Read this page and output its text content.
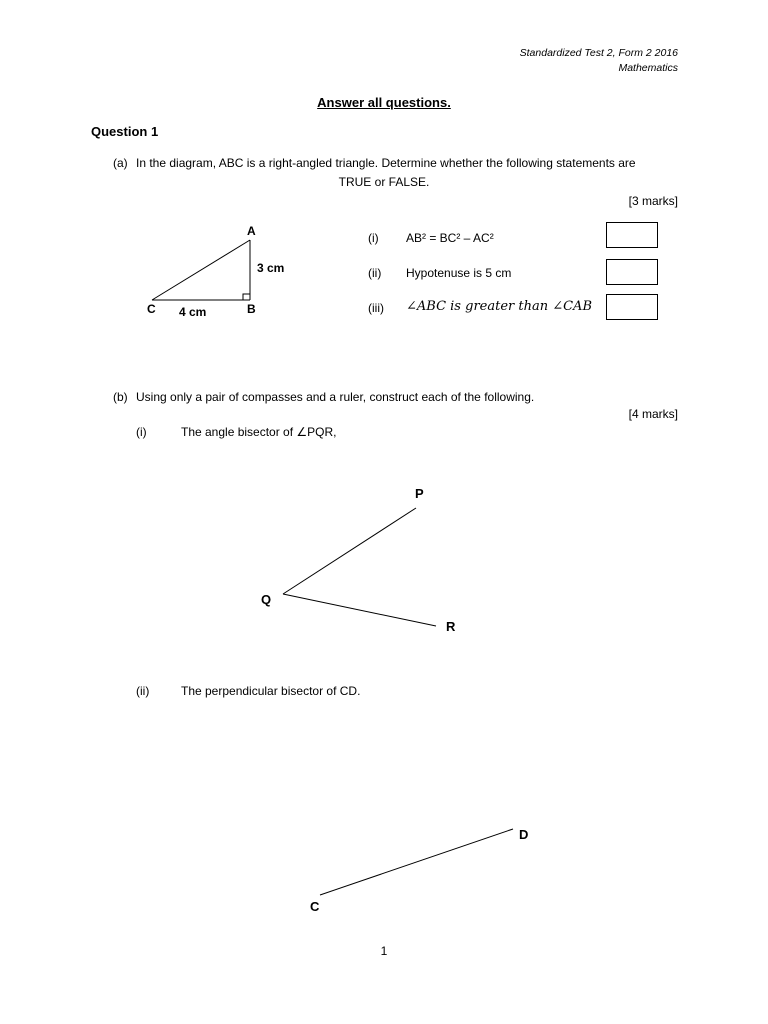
Standardized Test 2, Form 2 2016
Mathematics
Answer all questions.
Question 1
(a) In the diagram, ABC is a right-angled triangle. Determine whether the following statements are
TRUE or FALSE.
[3 marks]
A
B
C
3 cm
4 cm
(i) AB² = BC² – AC²
(ii) Hypotenuse is 5 cm
(iii) ∠ABC is greater than ∠CAB
(b) Using only a pair of compasses and a ruler, construct each of the following.
[4 marks]
(i)	The angle bisector of ∠PQR,
P
Q
R
(ii)	The perpendicular bisector of CD.
C
D
1
